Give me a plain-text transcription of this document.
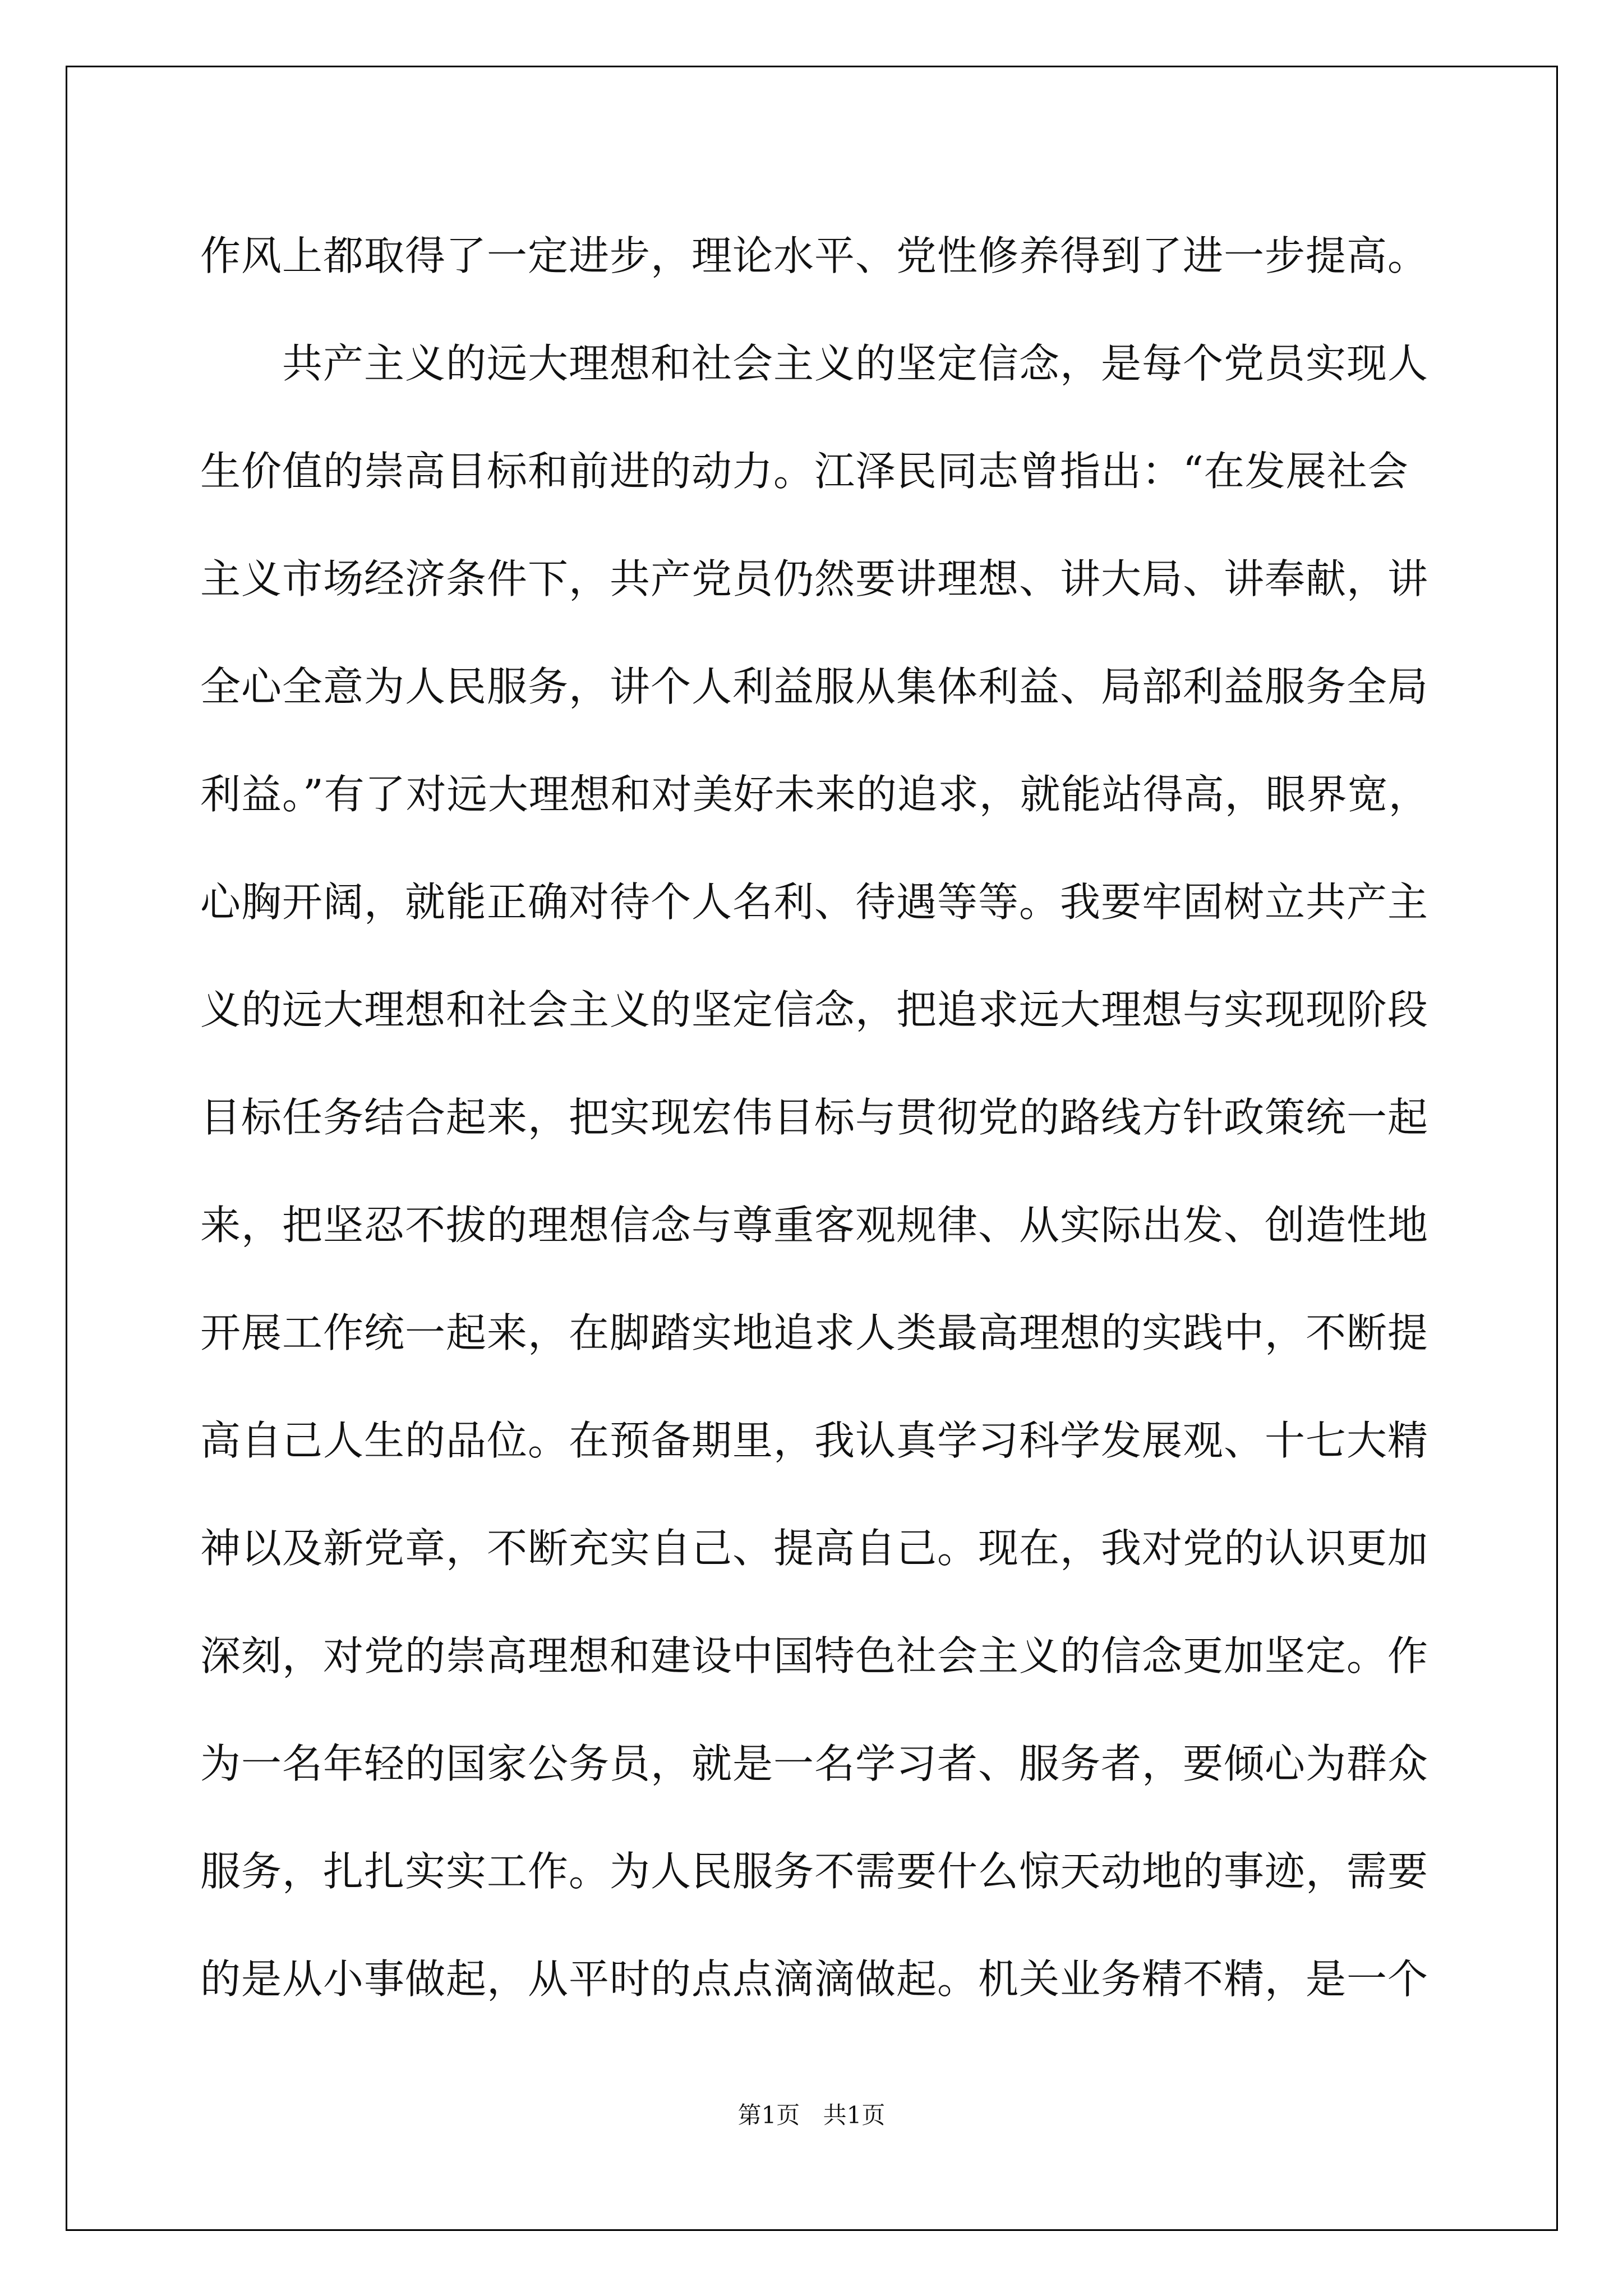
作风上都取得了一定进步，理论水平、党性修养得到了进一步提高。
　　共产主义的远大理想和社会主义的坚定信念，是每个党员实现人
生价值的崇高目标和前进的动力。江泽民同志曾指出：“在发展社会
主义市场经济条件下，共产党员仍然要讲理想、讲大局、讲奉献，讲
全心全意为人民服务，讲个人利益服从集体利益、局部利益服务全局
利益。”有了对远大理想和对美好未来的追求，就能站得高，眼界宽，
心胸开阔，就能正确对待个人名利、待遇等等。我要牢固树立共产主
义的远大理想和社会主义的坚定信念，把追求远大理想与实现现阶段
目标任务结合起来，把实现宏伟目标与贯彻党的路线方针政策统一起
来，把坚忍不拔的理想信念与尊重客观规律、从实际出发、创造性地
开展工作统一起来，在脚踏实地追求人类最高理想的实践中，不断提
高自己人生的品位。在预备期里，我认真学习科学发展观、十七大精
神以及新党章，不断充实自己、提高自己。现在，我对党的认识更加
深刻，对党的崇高理想和建设中国特色社会主义的信念更加坚定。作
为一名年轻的国家公务员，就是一名学习者、服务者，要倾心为群众
服务，扎扎实实工作。为人民服务不需要什么惊天动地的事迹，需要
的是从小事做起，从平时的点点滴滴做起。机关业务精不精，是一个
第1页 共1页
